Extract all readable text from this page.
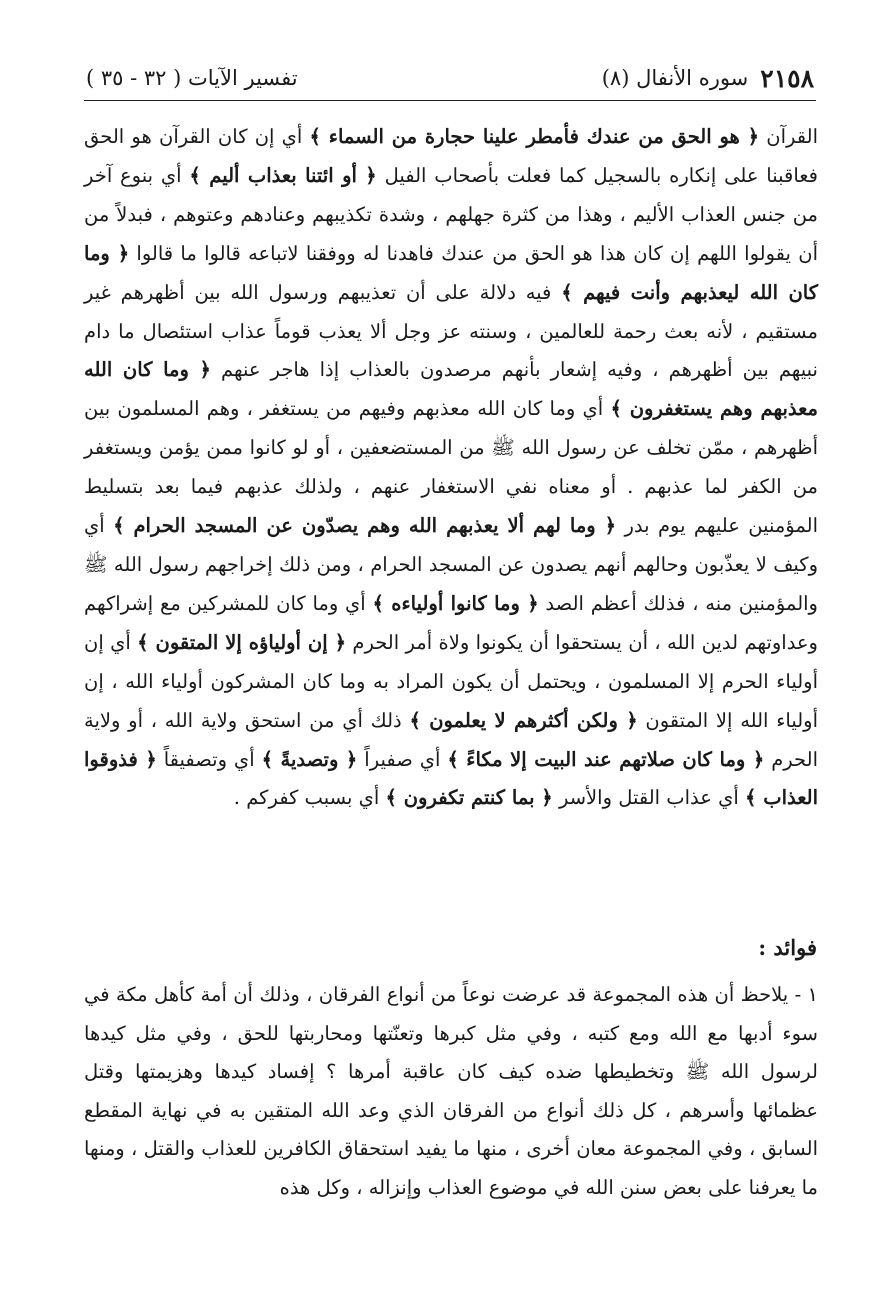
٢١٥٨
(٨) سوره الأنفال
تفسير الآيات ( ٣٢ - ٣٥ )

القرآن ﴿ هو الحق من عندك فأمطر علينا حجارة من السماء ﴾ أي إن كان القرآن هو الحق فعاقبنا على إنكاره بالسجيل كما فعلت بأصحاب الفيل ﴿ أو ائتنا بعذاب أليم ﴾ أي بنوع آخر من جنس العذاب الأليم ، وهذا من كثرة جهلهم ، وشدة تكذيبهم وعنادهم وعتوهم ، فبدلاً من أن يقولوا اللهم إن كان هذا هو الحق من عندك فاهدنا له ووفقنا لاتباعه قالوا ما قالوا ﴿ وما كان الله ليعذبهم وأنت فيهم ﴾ فيه دلالة على أن تعذيبهم ورسول الله بين أظهرهم غير مستقيم ، لأنه بعث رحمة للعالمين ، وسنته عز وجل ألا يعذب قوماً عذاب استئصال ما دام نبيهم بين أظهرهم ، وفيه إشعار بأنهم مرصدون بالعذاب إذا هاجر عنهم ﴿ وما كان الله معذبهم وهم يستغفرون ﴾ أي وما كان الله معذبهم وفيهم من يستغفر ، وهم المسلمون بين أظهرهم ، ممّن تخلف عن رسول الله ﷺ من المستضعفين ، أو لو كانوا ممن يؤمن ويستغفر من الكفر لما عذبهم . أو معناه نفي الاستغفار عنهم ، ولذلك عذبهم فيما بعد بتسليط المؤمنين عليهم يوم بدر ﴿ وما لهم ألا يعذبهم الله وهم يصدّون عن المسجد الحرام ﴾ أي وكيف لا يعذّبون وحالهم أنهم يصدون عن المسجد الحرام ، ومن ذلك إخراجهم رسول الله ﷺ والمؤمنين منه ، فذلك أعظم الصد ﴿ وما كانوا أولياءه ﴾ أي وما كان للمشركين مع إشراكهم وعداوتهم لدين الله ، أن يستحقوا أن يكونوا ولاة أمر الحرم ﴿ إن أولياؤه إلا المتقون ﴾ أي إن أولياء الحرم إلا المسلمون ، ويحتمل أن يكون المراد به وما كان المشركون أولياء الله ، إن أولياء الله إلا المتقون ﴿ ولكن أكثرهم لا يعلمون ﴾ ذلك أي من استحق ولاية الله ، أو ولاية الحرم ﴿ وما كان صلاتهم عند البيت إلا مكاءً ﴾ أي صفيراً ﴿ وتصديةً ﴾ أي وتصفيقاً ﴿ فذوقوا العذاب ﴾ أي عذاب القتل والأسر ﴿ بما كنتم تكفرون ﴾ أي بسبب كفركم .

فوائد :

١ - يلاحظ أن هذه المجموعة قد عرضت نوعاً من أنواع الفرقان ، وذلك أن أمة كأهل مكة في سوء أدبها مع الله ومع كتبه ، وفي مثل كبرها وتعنّتها ومحاربتها للحق ، وفي مثل كيدها لرسول الله ﷺ وتخطيطها ضده كيف كان عاقبة أمرها ؟ إفساد كيدها وهزيمتها وقتل عظمائها وأسرهم ، كل ذلك أنواع من الفرقان الذي وعد الله المتقين به في نهاية المقطع السابق ، وفي المجموعة معان أخرى ، منها ما يفيد استحقاق الكافرين للعذاب والقتل ، ومنها ما يعرفنا على بعض سنن الله في موضوع العذاب وإنزاله ، وكل هذه
